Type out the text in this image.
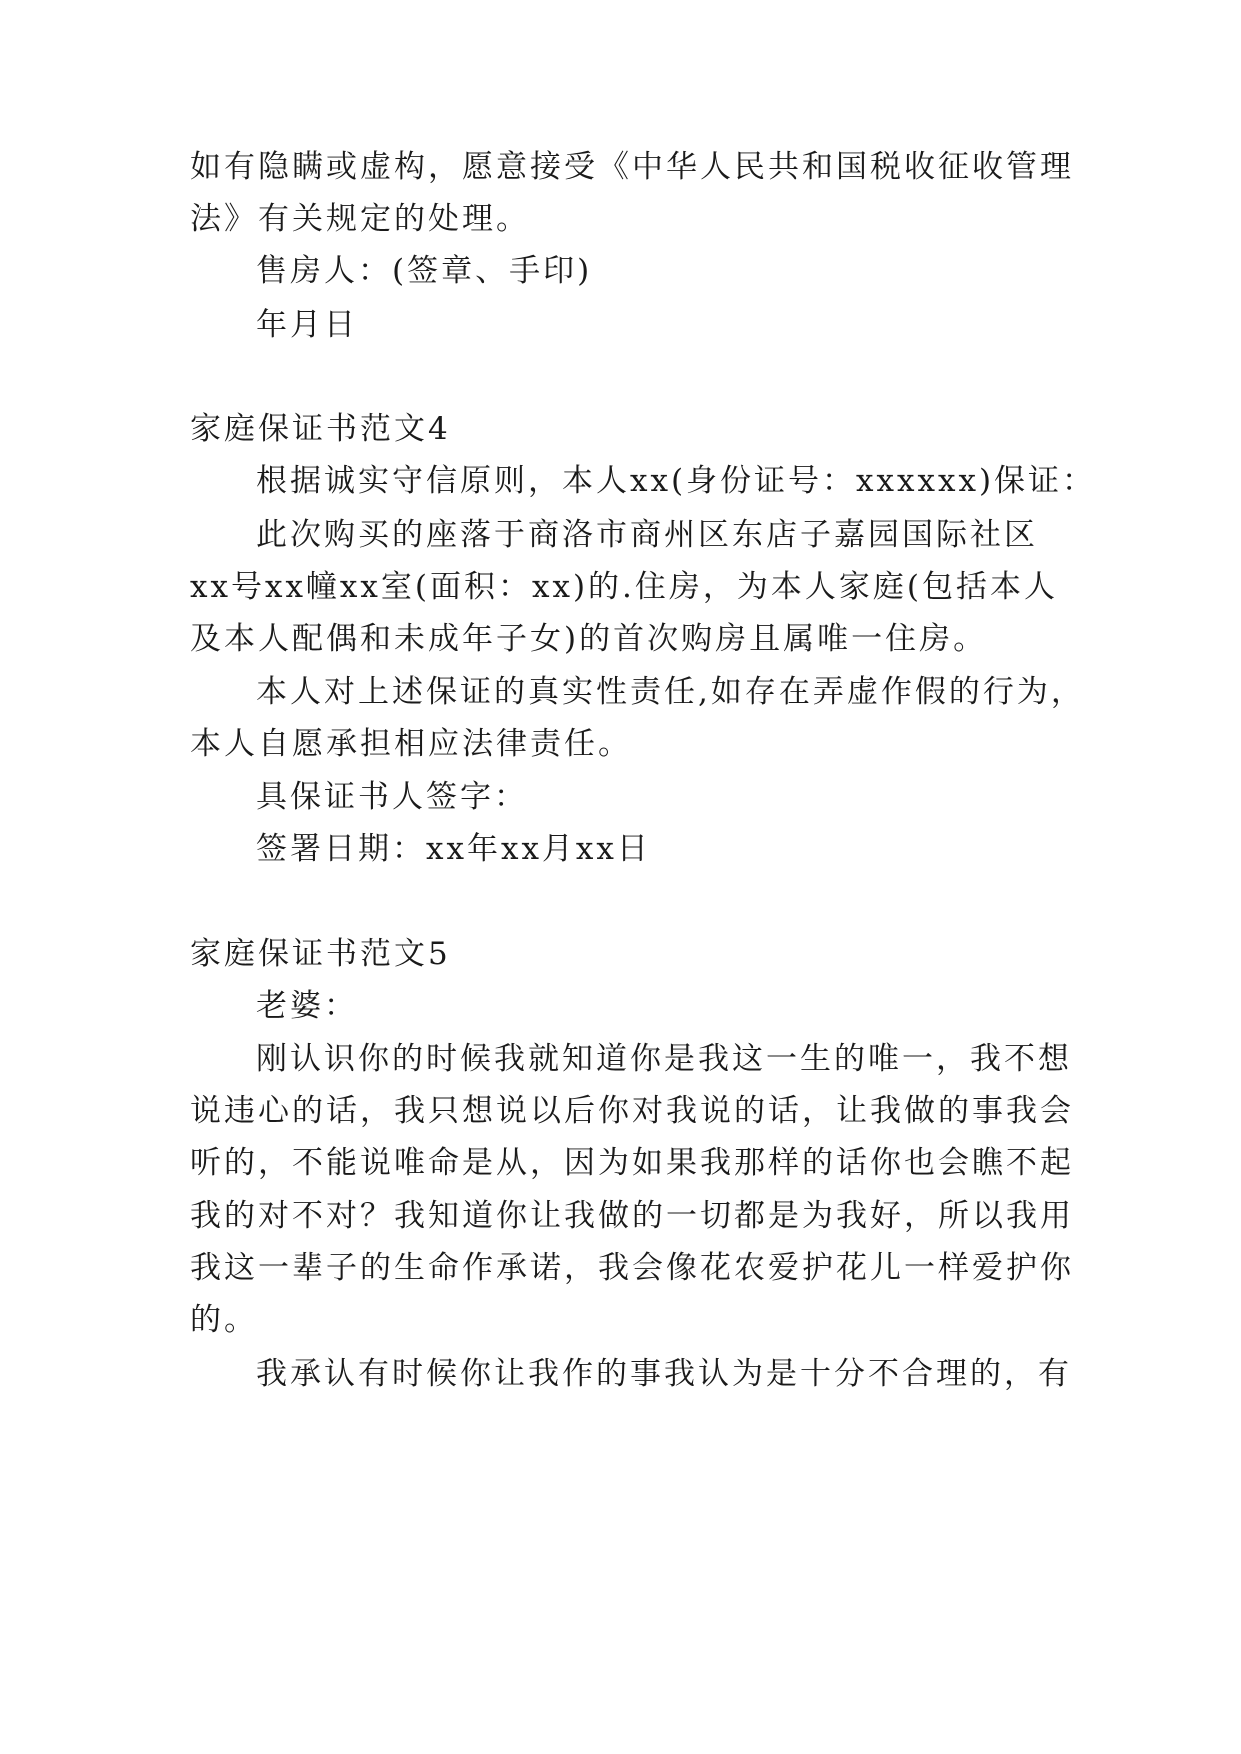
如有隐瞒或虚构，愿意接受《中华人民共和国税收征收管理
法》有关规定的处理。
售房人：(签章、手印)
年月日
家庭保证书范文4
根据诚实守信原则，本人xx(身份证号：xxxxxx)保证：
此次购买的座落于商洛市商州区东店子嘉园国际社区
xx号xx幢xx室(面积：xx)的.住房，为本人家庭(包括本人
及本人配偶和未成年子女)的首次购房且属唯一住房。
本人对上述保证的真实性责任,如存在弄虚作假的行为，
本人自愿承担相应法律责任。
具保证书人签字：
签署日期：xx年xx月xx日
家庭保证书范文5
老婆：
刚认识你的时候我就知道你是我这一生的唯一，我不想
说违心的话，我只想说以后你对我说的话，让我做的事我会
听的，不能说唯命是从，因为如果我那样的话你也会瞧不起
我的对不对？我知道你让我做的一切都是为我好，所以我用
我这一辈子的生命作承诺，我会像花农爱护花儿一样爱护你
的。
我承认有时候你让我作的事我认为是十分不合理的，有
